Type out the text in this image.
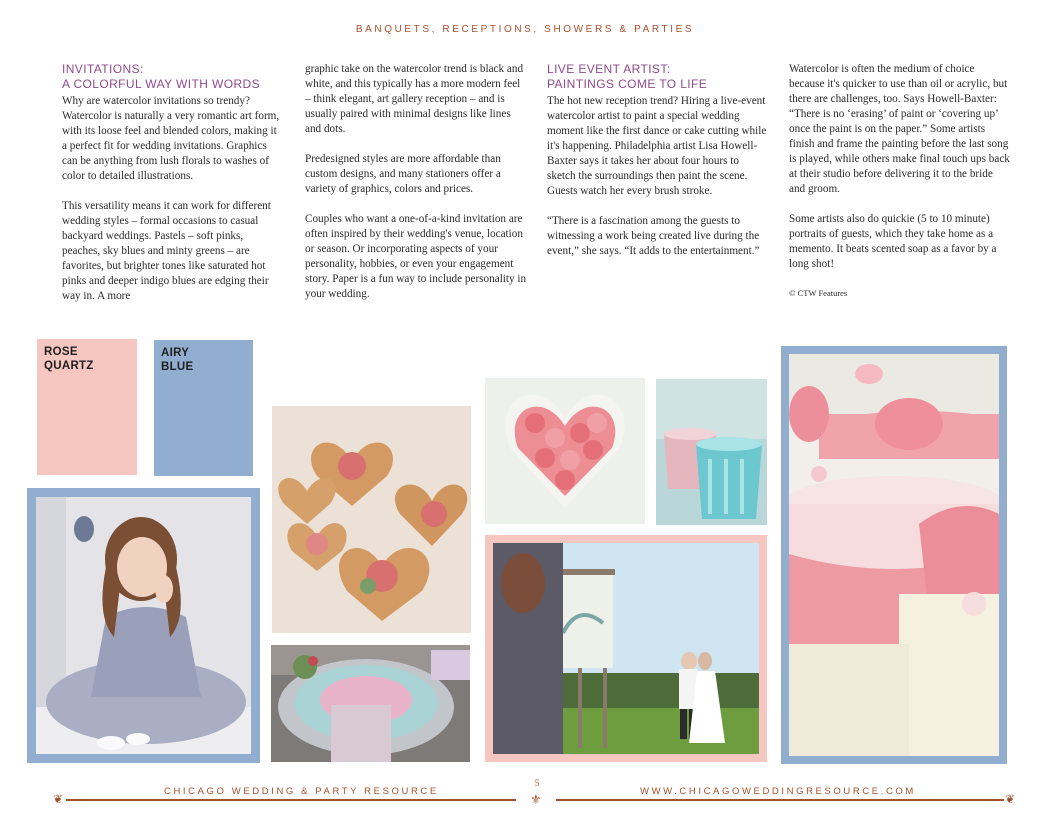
BANQUETS, RECEPTIONS, SHOWERS & PARTIES
INVITATIONS:
A COLORFUL WAY WITH WORDS

Why are watercolor invitations so trendy? Watercolor is naturally a very romantic art form, with its loose feel and blended colors, making it a perfect fit for wedding invitations. Graphics can be anything from lush florals to washes of color to detailed illustrations.

This versatility means it can work for different wedding styles – formal occasions to casual backyard weddings. Pastels – soft pinks, peaches, sky blues and minty greens – are favorites, but brighter tones like saturated hot pinks and deeper indigo blues are edging their way in. A more

graphic take on the watercolor trend is black and white, and this typically has a more modern feel – think elegant, art gallery reception – and is usually paired with minimal designs like lines and dots.

Predesigned styles are more affordable than custom designs, and many stationers offer a variety of graphics, colors and prices.

Couples who want a one-of-a-kind invitation are often inspired by their wedding's venue, location or season. Or incorporating aspects of your personality, hobbies, or even your engagement story. Paper is a fun way to include personality in your wedding.

LIVE EVENT ARTIST:
PAINTINGS COME TO LIFE

The hot new reception trend? Hiring a live-event watercolor artist to paint a special wedding moment like the first dance or cake cutting while it's happening. Philadelphia artist Lisa Howell-Baxter says it takes her about four hours to sketch the surroundings then paint the scene. Guests watch her every brush stroke.

“There is a fascination among the guests to witnessing a work being created live during the event,” she says. “It adds to the entertainment.”

Watercolor is often the medium of choice because it's quicker to use than oil or acrylic, but there are challenges, too. Says Howell-Baxter: “There is no ‘erasing’ of paint or ‘covering up’ once the paint is on the paper.” Some artists finish and frame the painting before the last song is played, while others make final touch ups back at their studio before delivering it to the bride and groom.

Some artists also do quickie (5 to 10 minute) portraits of guests, which they take home as a memento. It beats scented soap as a favor by a long shot!

© CTW Features

ROSE
QUARTZ
AIRY
BLUE
❦	❦
⚜
CHICAGO WEDDING & PARTY RESOURCE
5
WWW.CHICAGOWEDDINGRESOURCE.COM
